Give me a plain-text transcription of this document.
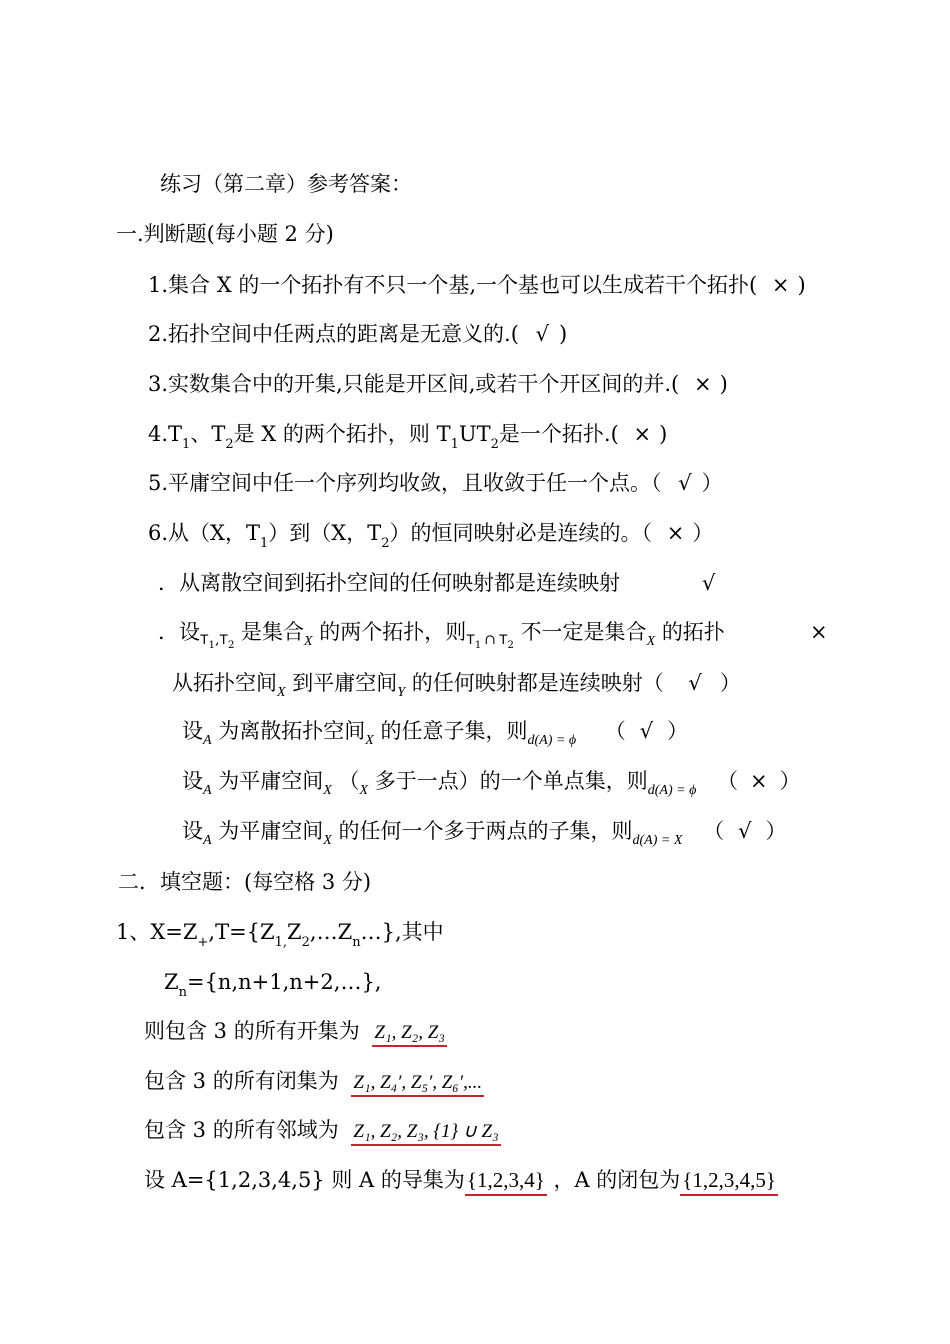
练习（第二章）参考答案：
一.判断题(每小题 2 分)
1.集合 X 的一个拓扑有不只一个基,一个基也可以生成若干个拓扑( × )
2.拓扑空间中任两点的距离是无意义的.( √ )
3.实数集合中的开集,只能是开区间,或若干个开区间的并.( × )
$4.T_1$、$T_2$是 X 的两个拓扑，则 $T_1UT_2$是一个拓扑.( × )
5.平庸空间中任一个序列均收敛，且收敛于任一个点。（ √ ）
6.从（X，$T_1$）到（X，$T_2$）的恒同映射必是连续的。（ × ）
．从离散空间到拓扑空间的任何映射都是连续映射	√
．设$_{T1,T2}$ 是集合$_X$ 的两个拓扑，则$_{T1}$ $_\cap$ $_{T2}$ 不一定是集合$_X$ 的拓扑	×
从拓扑空间$_X$ 到平庸空间$_Y$ 的任何映射都是连续映射（ √ ）
设$_A$ 为离散拓扑空间$_X$ 的任意子集，则$_{d(A) = \phi}$ （ √ ）
设$_A$ 为平庸空间$_X$ （$_X$ 多于一点）的一个单点集，则$_{d(A) = \phi}$ （ × ）
设$_A$ 为平庸空间$_X$ 的任何一个多于两点的子集，则$_{d(A) = X}$ （ √ ）
二．填空题：(每空格 3 分)
1、$X=Z_+,T=\{Z_{1,}Z_2,\dots Z_n\dots\}$,其中
$Z_n=\{n,n+1,n+2,\dots\}$,
则包含 3 的所有开集为 Z₁, Z₂, Z₃
包含 3 的所有闭集为 Z₁, Z₄′, Z₅′, Z₆′,...
包含 3 的所有邻域为 Z₁, Z₂, Z₃, {1} ∪ Z₃
设 A={1,2,3,4,5} 则 A 的导集为{1,2,3,4} ，A 的闭包为{1,2,3,4,5}
